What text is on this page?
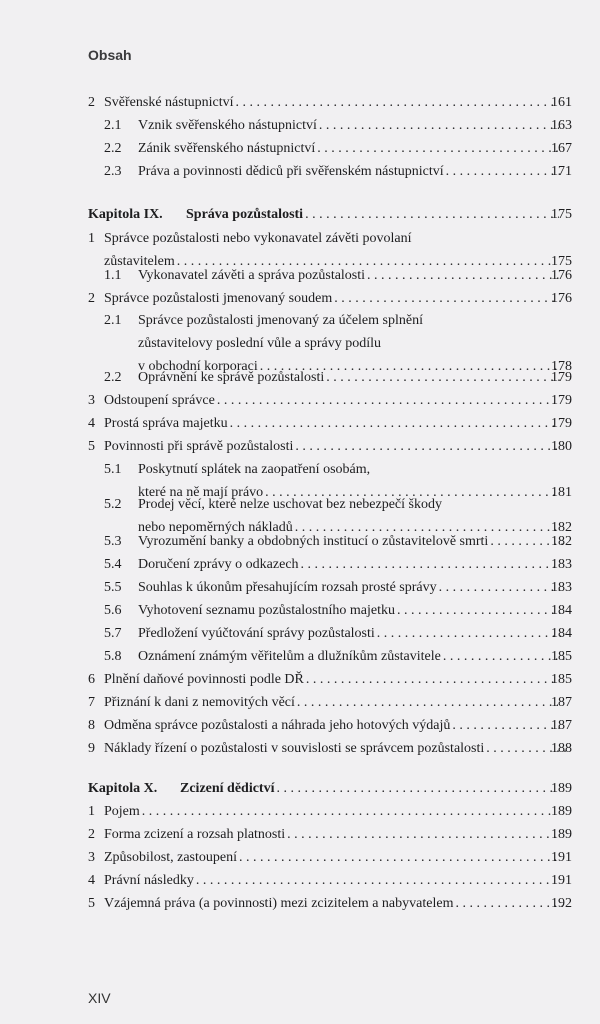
Obsah
2 Svěřenské nástupnictví . . .	161
2.1 Vznik svěřenského nástupnictví . . .	163
2.2 Zánik svěřenského nástupnictví . . .	167
2.3 Práva a povinnosti dědiců při svěřenském nástupnictví . . .	171
Kapitola IX. Správa pozůstalosti . . .	175
1 Správce pozůstalosti nebo vykonavatel závěti povolaní
zůstavitelem . . .	175
1.1 Vykonavatel závěti a správa pozůstalosti . . .	176
2 Správce pozůstalosti jmenovaný soudem . . .	176
2.1 Správce pozůstalosti jmenovaný za účelem splnění
zůstavitelovy poslední vůle a správy podílu
v obchodní korporaci . . .	178
2.2 Oprávnění ke správě pozůstalosti . . .	179
3 Odstoupení správce . . .	179
4 Prostá správa majetku . . .	179
5 Povinnosti při správě pozůstalosti . . .	180
5.1 Poskytnutí splátek na zaopatření osobám,
které na ně mají právo . . .	181
5.2 Prodej věcí, které nelze uschovat bez nebezpečí škody
nebo nepoměrných nákladů . . .	182
5.3 Vyrozumění banky a obdobných institucí o zůstavitelově smrti . . .	182
5.4 Doručení zprávy o odkazech . . .	183
5.5 Souhlas k úkonům přesahujícím rozsah prosté správy . . .	183
5.6 Vyhotovení seznamu pozůstalostního majetku . . .	184
5.7 Předložení vyúčtování správy pozůstalosti . . .	184
5.8 Oznámení známým věřitelům a dlužníkům zůstavitele . . .	185
6 Plnění daňové povinnosti podle DŘ . . .	185
7 Přiznání k dani z nemovitých věcí . . .	187
8 Odměna správce pozůstalosti a náhrada jeho hotových výdajů . . .	187
9 Náklady řízení o pozůstalosti v souvislosti se správcem pozůstalosti . . .	188
Kapitola X. Zcizení dědictví . . .	189
1 Pojem . . .	189
2 Forma zcizení a rozsah platnosti . . .	189
3 Způsobilost, zastoupení . . .	191
4 Právní následky . . .	191
5 Vzájemná práva (a povinnosti) mezi zcizitelem a nabyvatelem . . .	192
XIV
